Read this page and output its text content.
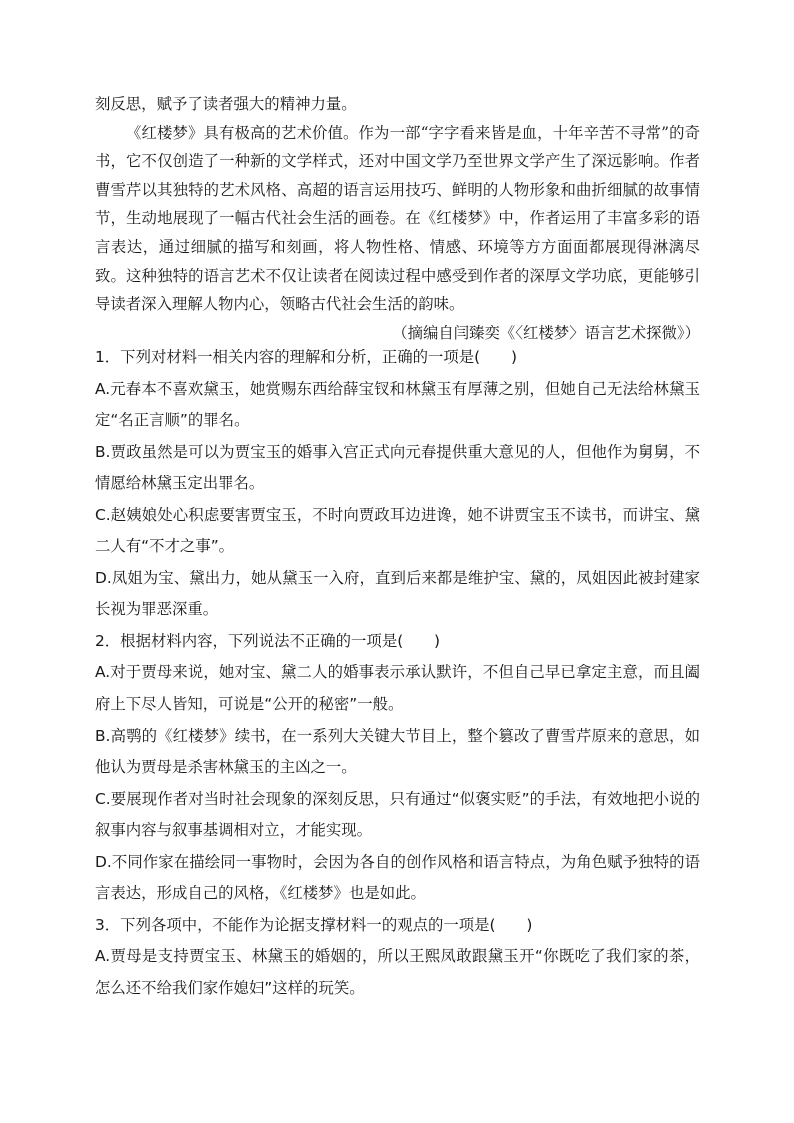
刻反思，赋予了读者强大的精神力量。

《红楼梦》具有极高的艺术价值。作为一部“字字看来皆是血，十年辛苦不寻常”的奇书，它不仅创造了一种新的文学样式，还对中国文学乃至世界文学产生了深远影响。作者曹雪芹以其独特的艺术风格、高超的语言运用技巧、鲜明的人物形象和曲折细腻的故事情节，生动地展现了一幅古代社会生活的画卷。在《红楼梦》中，作者运用了丰富多彩的语言表达，通过细腻的描写和刻画，将人物性格、情感、环境等方方面面都展现得淋漓尽致。这种独特的语言艺术不仅让读者在阅读过程中感受到作者的深厚文学功底，更能够引导读者深入理解人物内心，领略古代社会生活的韵味。

（摘编自闫臻奕《〈红楼梦〉语言艺术探微》）

1．下列对材料一相关内容的理解和分析，正确的一项是(　　)
A.元春本不喜欢黛玉，她赏赐东西给薛宝钗和林黛玉有厚薄之别，但她自己无法给林黛玉定“名正言顺”的罪名。
B.贾政虽然是可以为贾宝玉的婚事入宫正式向元春提供重大意见的人，但他作为舅舅，不情愿给林黛玉定出罪名。
C.赵姨娘处心积虑要害贾宝玉，不时向贾政耳边进谗，她不讲贾宝玉不读书，而讲宝、黛二人有“不才之事”。
D.凤姐为宝、黛出力，她从黛玉一入府，直到后来都是维护宝、黛的，凤姐因此被封建家长视为罪恶深重。
2．根据材料内容，下列说法不正确的一项是(　　)
A.对于贾母来说，她对宝、黛二人的婚事表示承认默许，不但自己早已拿定主意，而且阖府上下尽人皆知，可说是“公开的秘密”一般。
B.高鹗的《红楼梦》续书，在一系列大关键大节目上，整个篡改了曹雪芹原来的意思，如他认为贾母是杀害林黛玉的主凶之一。
C.要展现作者对当时社会现象的深刻反思，只有通过“似褒实贬”的手法，有效地把小说的叙事内容与叙事基调相对立，才能实现。
D.不同作家在描绘同一事物时，会因为各自的创作风格和语言特点，为角色赋予独特的语言表达，形成自己的风格，《红楼梦》也是如此。
3．下列各项中，不能作为论据支撑材料一的观点的一项是(　　)
A.贾母是支持贾宝玉、林黛玉的婚姻的，所以王熙凤敢跟黛玉开“你既吃了我们家的茶，怎么还不给我们家作媳妇”这样的玩笑。
